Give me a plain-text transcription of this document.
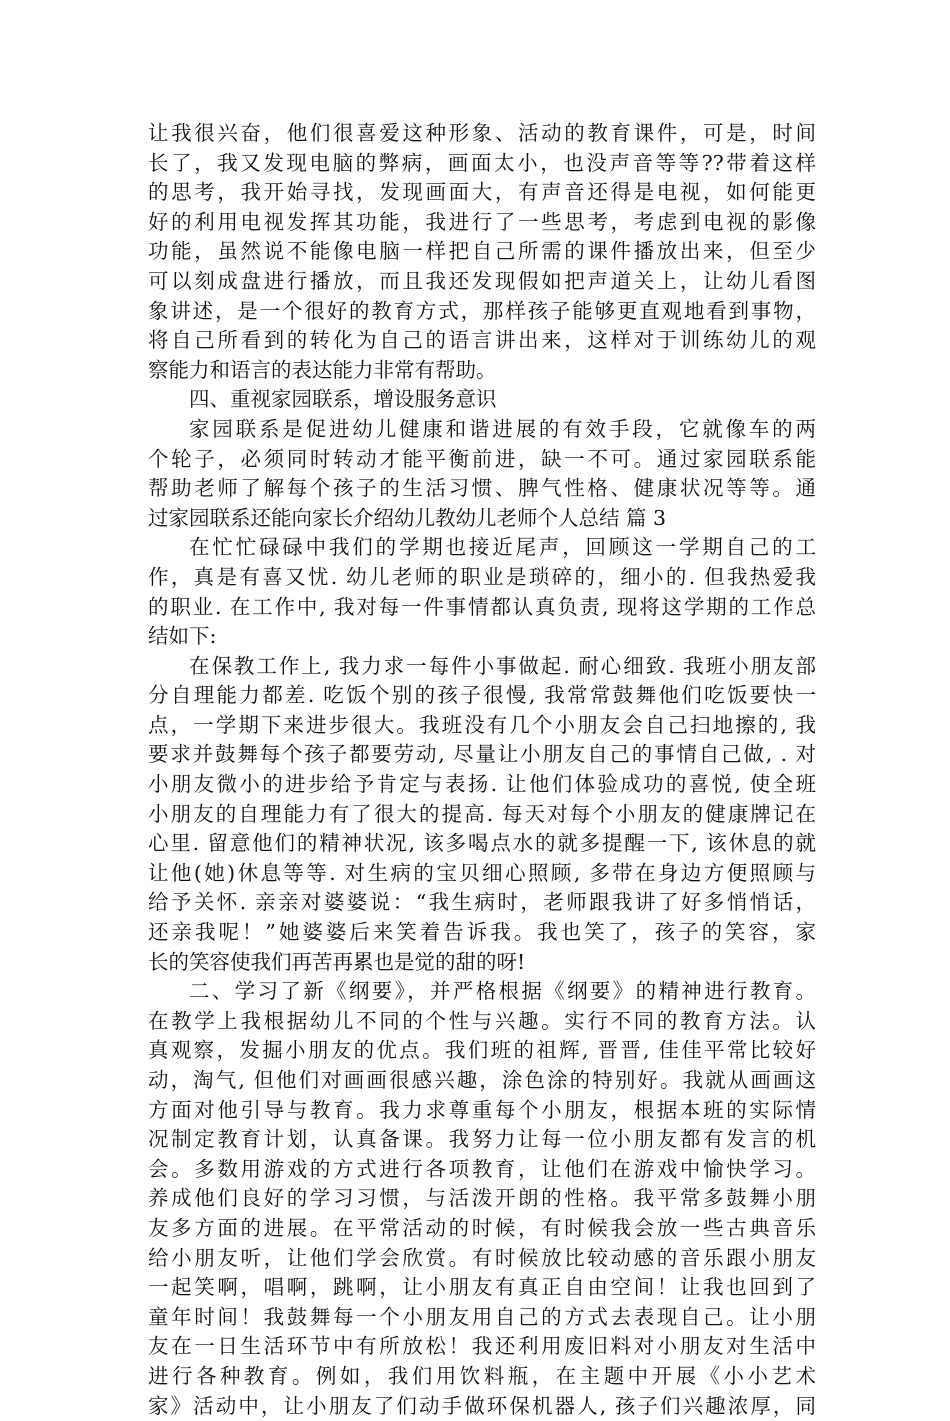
让我很兴奋，他们很喜爱这种形象、活动的教育课件，可是，时间
长了，我又发现电脑的弊病，画面太小，也没声音等等??带着这样
的思考，我开始寻找，发现画面大，有声音还得是电视，如何能更
好的利用电视发挥其功能，我进行了一些思考，考虑到电视的影像
功能，虽然说不能像电脑一样把自己所需的课件播放出来，但至少
可以刻成盘进行播放，而且我还发现假如把声道关上，让幼儿看图
象讲述，是一个很好的教育方式，那样孩子能够更直观地看到事物，
将自己所看到的转化为自己的语言讲出来，这样对于训练幼儿的观
察能力和语言的表达能力非常有帮助。
四、重视家园联系，增设服务意识
家园联系是促进幼儿健康和谐进展的有效手段，它就像车的两
个轮子，必须同时转动才能平衡前进，缺一不可。通过家园联系能
帮助老师了解每个孩子的生活习惯、脾气性格、健康状况等等。通
过家园联系还能向家长介绍幼儿教幼儿老师个人总结 篇 3
在忙忙碌碌中我们的学期也接近尾声，回顾这一学期自己的工
作，真是有喜又忧. 幼儿老师的职业是琐碎的，细小的. 但我热爱我
的职业. 在工作中, 我对每一件事情都认真负责, 现将这学期的工作总
结如下:
在保教工作上, 我力求一每件小事做起. 耐心细致. 我班小朋友部
分自理能力都差. 吃饭个别的孩子很慢, 我常常鼓舞他们吃饭要快一
点，一学期下来进步很大。我班没有几个小朋友会自己扫地擦的, 我
要求并鼓舞每个孩子都要劳动, 尽量让小朋友自己的事情自己做, . 对
小朋友微小的进步给予肯定与表扬. 让他们体验成功的喜悦, 使全班
小朋友的自理能力有了很大的提高. 每天对每个小朋友的健康牌记在
心里. 留意他们的精神状况, 该多喝点水的就多提醒一下, 该休息的就
让他(她)休息等等. 对生病的宝贝细心照顾, 多带在身边方便照顾与
给予关怀. 亲亲对婆婆说：“我生病时，老师跟我讲了好多悄悄话，
还亲我呢！”她婆婆后来笑着告诉我。我也笑了，孩子的笑容，家
长的笑容使我们再苦再累也是觉的甜的呀!
二、学习了新《纲要》，并严格根据《纲要》的精神进行教育。
在教学上我根据幼儿不同的个性与兴趣。实行不同的教育方法。认
真观察，发掘小朋友的优点。我们班的祖辉, 晋晋, 佳佳平常比较好
动，淘气, 但他们对画画很感兴趣，涂色涂的特别好。我就从画画这
方面对他引导与教育。我力求尊重每个小朋友，根据本班的实际情
况制定教育计划，认真备课。我努力让每一位小朋友都有发言的机
会。多数用游戏的方式进行各项教育，让他们在游戏中愉快学习。
养成他们良好的学习习惯，与活泼开朗的性格。我平常多鼓舞小朋
友多方面的进展。在平常活动的时候，有时候我会放一些古典音乐
给小朋友听，让他们学会欣赏。有时候放比较动感的音乐跟小朋友
一起笑啊，唱啊，跳啊，让小朋友有真正自由空间！让我也回到了
童年时间！我鼓舞每一个小朋友用自己的方式去表现自己。让小朋
友在一日生活环节中有所放松！我还利用废旧料对小朋友对生活中
进行各种教育。例如，我们用饮料瓶，在主题中开展《小小艺术
家》活动中，让小朋友了们动手做环保机器人, 孩子们兴趣浓厚，同
